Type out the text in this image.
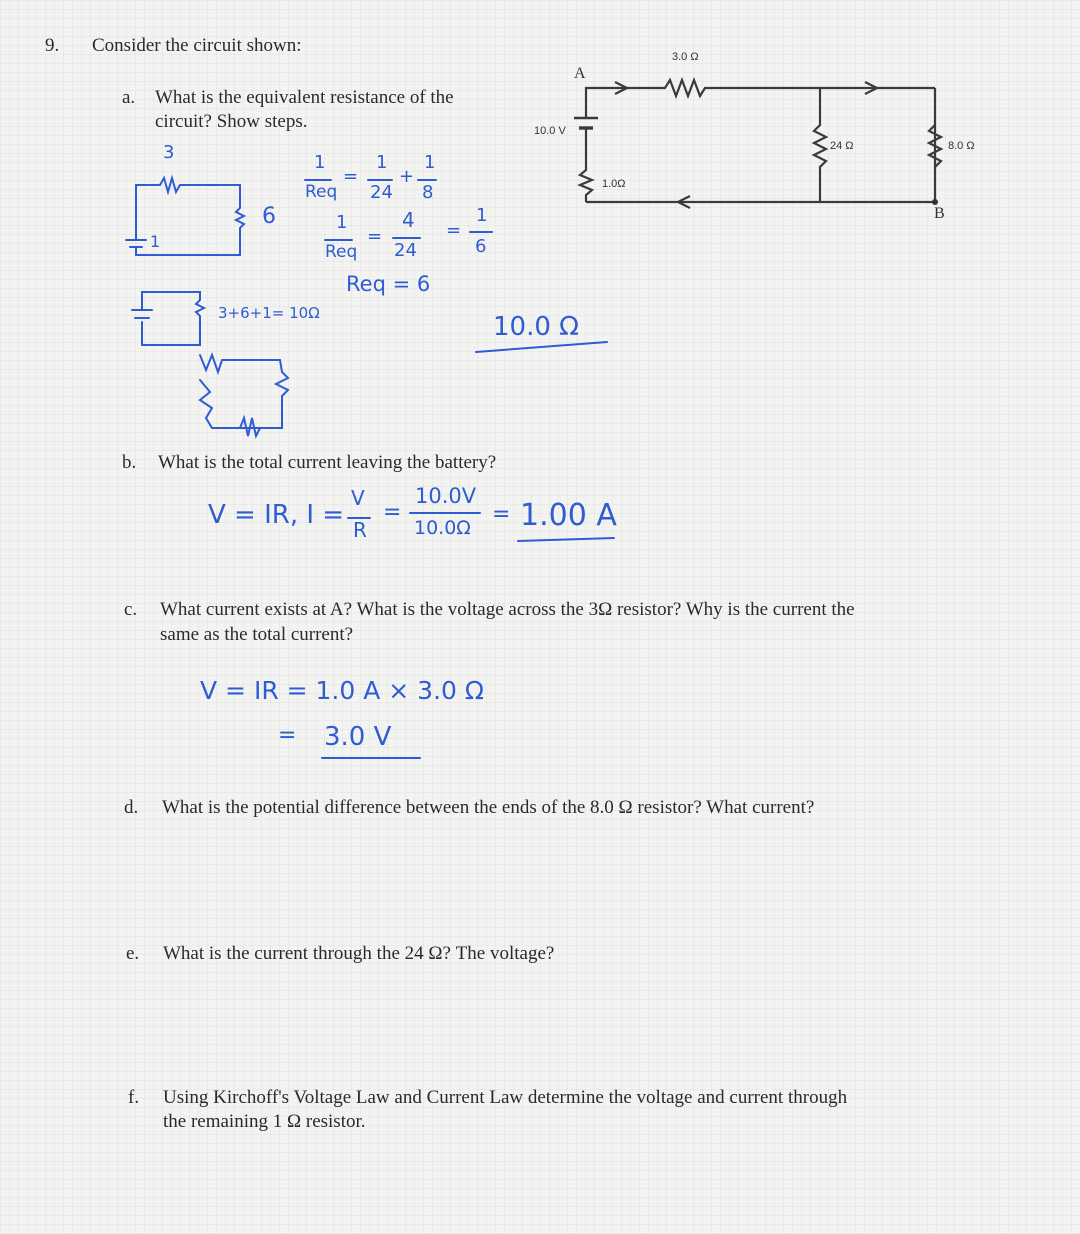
9. Consider the circuit shown:
a. What is the equivalent resistance of the
circuit? Show steps.
b. What is the total current leaving the battery?
c. What current exists at A? What is the voltage across the 3Ω resistor? Why is the current the
same as the total current?
d. What is the potential difference between the ends of the 8.0 Ω resistor? What current?
e. What is the current through the 24 Ω? The voltage?
f. Using Kirchoff's Voltage Law and Current Law determine the voltage and current through
the remaining 1 Ω resistor.
A
3.0 Ω
10.0 V
1.0Ω
24 Ω	8.0 Ω
B
3
6
1
1
Req
=
1
24
+
1
8
1
Req
=
4
24
=
1
6
Req = 6
3+6+1= 10Ω	10.0 Ω
V = IR, I =
V
R
=
10.0V
10.0Ω
= 1.00 A
V = IR = 1.0 A × 3.0 Ω
= 3.0 V
